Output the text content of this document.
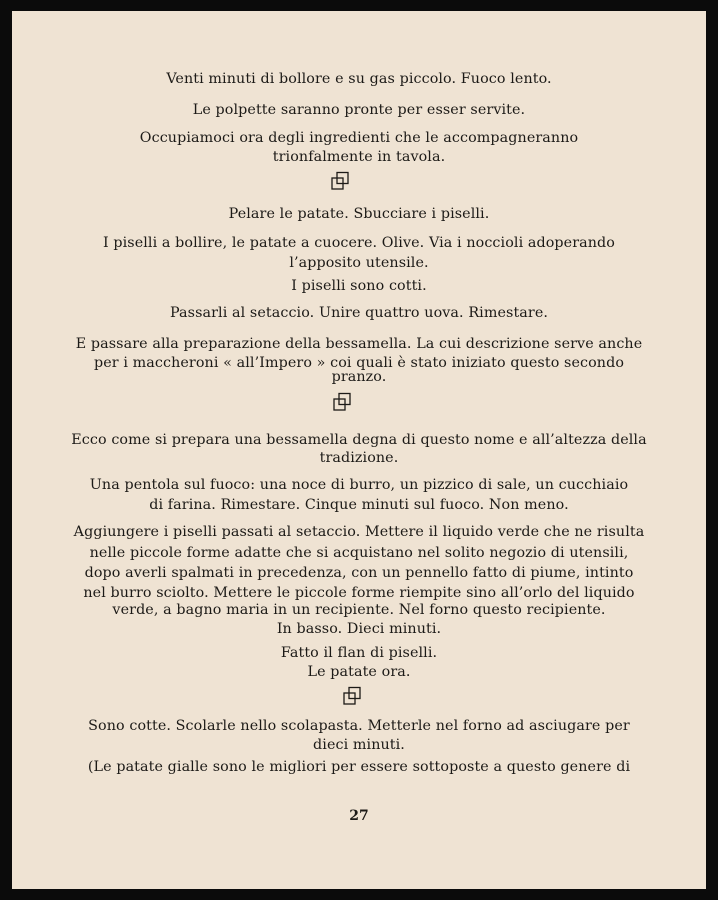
Venti minuti di bollore e su gas piccolo. Fuoco lento.
Le polpette saranno pronte per esser servite.
Occupiamoci ora degli ingredienti che le accompagneranno
trionfalmente in tavola.
Pelare le patate. Sbucciare i piselli.
I piselli a bollire, le patate a cuocere. Olive. Via i noccioli adoperando
l’apposito utensile.
I piselli sono cotti.
Passarli al setaccio. Unire quattro uova. Rimestare.
E passare alla preparazione della bessamella. La cui descrizione serve anche
per i maccheroni « all’Impero » coi quali è stato iniziato questo secondo
pranzo.
Ecco come si prepara una bessamella degna di questo nome e all’altezza della
tradizione.
Una pentola sul fuoco: una noce di burro, un pizzico di sale, un cucchiaio
di farina. Rimestare. Cinque minuti sul fuoco. Non meno.
Aggiungere i piselli passati al setaccio. Mettere il liquido verde che ne risulta
nelle piccole forme adatte che si acquistano nel solito negozio di utensili,
dopo averli spalmati in precedenza, con un pennello fatto di piume, intinto
nel burro sciolto. Mettere le piccole forme riempite sino all’orlo del liquido
verde, a bagno maria in un recipiente. Nel forno questo recipiente.
In basso. Dieci minuti.
Fatto il flan di piselli.
Le patate ora.
Sono cotte. Scolarle nello scolapasta. Metterle nel forno ad asciugare per
dieci minuti.
(Le patate gialle sono le migliori per essere sottoposte a questo genere di
27
